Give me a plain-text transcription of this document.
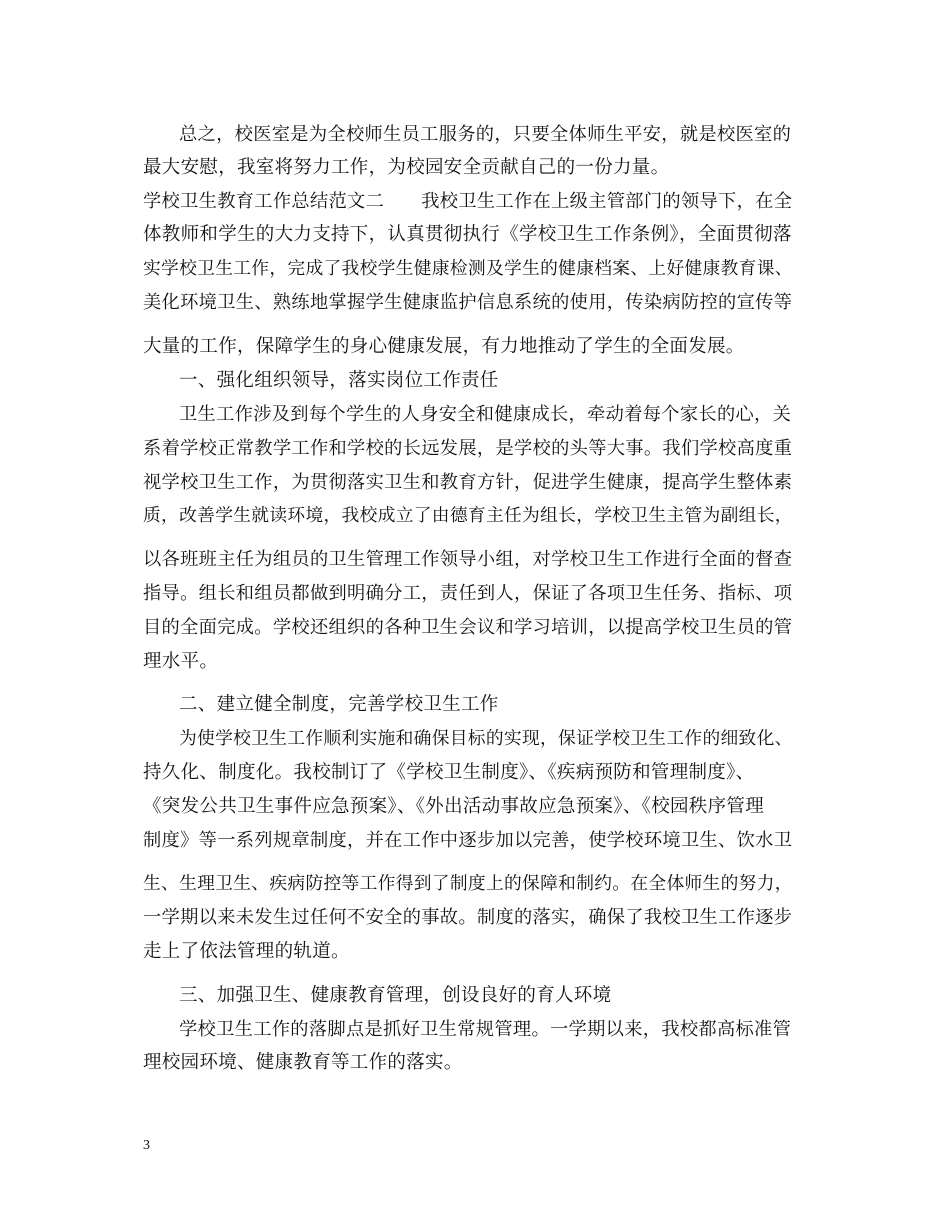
总之，校医室是为全校师生员工服务的，只要全体师生平安，就是校医室的
最大安慰，我室将努力工作，为校园安全贡献自己的一份力量。
学校卫生教育工作总结范文二　　我校卫生工作在上级主管部门的领导下，在全
体教师和学生的大力支持下，认真贯彻执行《学校卫生工作条例》，全面贯彻落
实学校卫生工作，完成了我校学生健康检测及学生的健康档案、上好健康教育课、
美化环境卫生、熟练地掌握学生健康监护信息系统的使用，传染病防控的宣传等
大量的工作，保障学生的身心健康发展，有力地推动了学生的全面发展。
一、强化组织领导，落实岗位工作责任
卫生工作涉及到每个学生的人身安全和健康成长，牵动着每个家长的心，关
系着学校正常教学工作和学校的长远发展，是学校的头等大事。我们学校高度重
视学校卫生工作，为贯彻落实卫生和教育方针，促进学生健康，提高学生整体素
质，改善学生就读环境，我校成立了由德育主任为组长，学校卫生主管为副组长，
以各班班主任为组员的卫生管理工作领导小组，对学校卫生工作进行全面的督查
指导。组长和组员都做到明确分工，责任到人，保证了各项卫生任务、指标、项
目的全面完成。学校还组织的各种卫生会议和学习培训，以提高学校卫生员的管
理水平。
二、建立健全制度，完善学校卫生工作
为使学校卫生工作顺利实施和确保目标的实现，保证学校卫生工作的细致化、
持久化、制度化。我校制订了《学校卫生制度》、《疾病预防和管理制度》、
《突发公共卫生事件应急预案》、《外出活动事故应急预案》、《校园秩序管理
制度》等一系列规章制度，并在工作中逐步加以完善，使学校环境卫生、饮水卫
生、生理卫生、疾病防控等工作得到了制度上的保障和制约。在全体师生的努力，
一学期以来未发生过任何不安全的事故。制度的落实，确保了我校卫生工作逐步
走上了依法管理的轨道。
三、加强卫生、健康教育管理，创设良好的育人环境
学校卫生工作的落脚点是抓好卫生常规管理。一学期以来，我校都高标准管
理校园环境、健康教育等工作的落实。
3
